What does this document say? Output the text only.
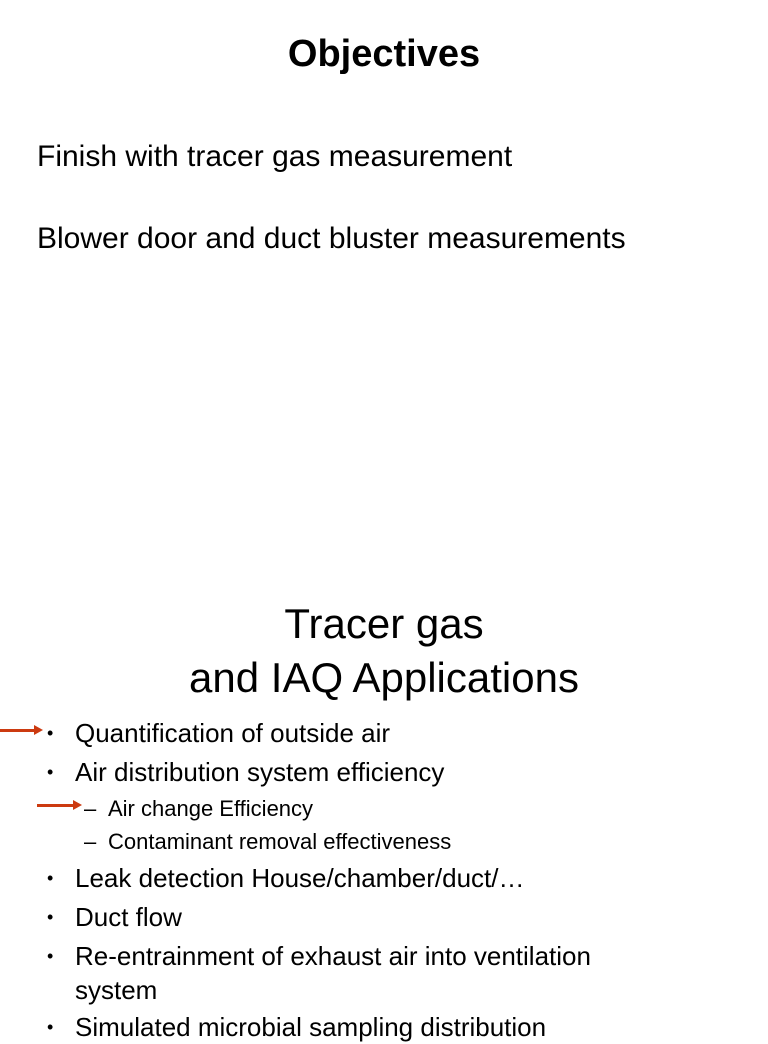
Objectives
Finish with tracer gas measurement
Blower door and duct bluster measurements
Tracer gas
and IAQ Applications
• Quantification of outside air
• Air distribution system efficiency
– Air change Efficiency
– Contaminant removal effectiveness
• Leak detection House/chamber/duct/…
• Duct flow
• Re-entrainment of exhaust air into ventilation
system
• Simulated microbial sampling distribution
